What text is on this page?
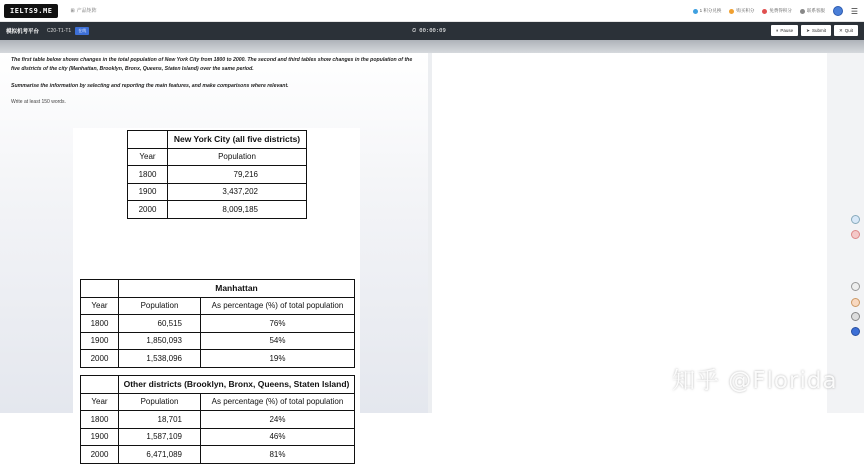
IELTS9.ME	⊞ 产品矩阵	1 积分兑换	购买积分	免费得积分	联系客服	☰
模拟机考平台 C20-T1-T1	在线	⏲ 00:00:09	⏸ Pause	➤ Submit	✕ Quit

The first table below shows changes in the total population of New York City from 1800 to 2000. The second and third tables show changes in the population of the five districts of the city (Manhattan, Brooklyn, Bronx, Queens, Staten Island) over the same period.

Summarise the information by selecting and reporting the main features, and make comparisons where relevant.

Write at least 150 words.

	New York City (all five districts)
Year	Population
1800	79,216
1900	3,437,202
2000	8,009,185
	Manhattan	
Year	Population	As percentage (%) of total population
1800	60,515	76%
1900	1,850,093	54%
2000	1,538,096	19%
	Other districts (Brooklyn, Bronx, Queens, Staten Island)	
Year	Population	As percentage (%) of total population
1800	18,701	24%
1900	1,587,109	46%
2000	6,471,089	81%
知乎 @Florida
